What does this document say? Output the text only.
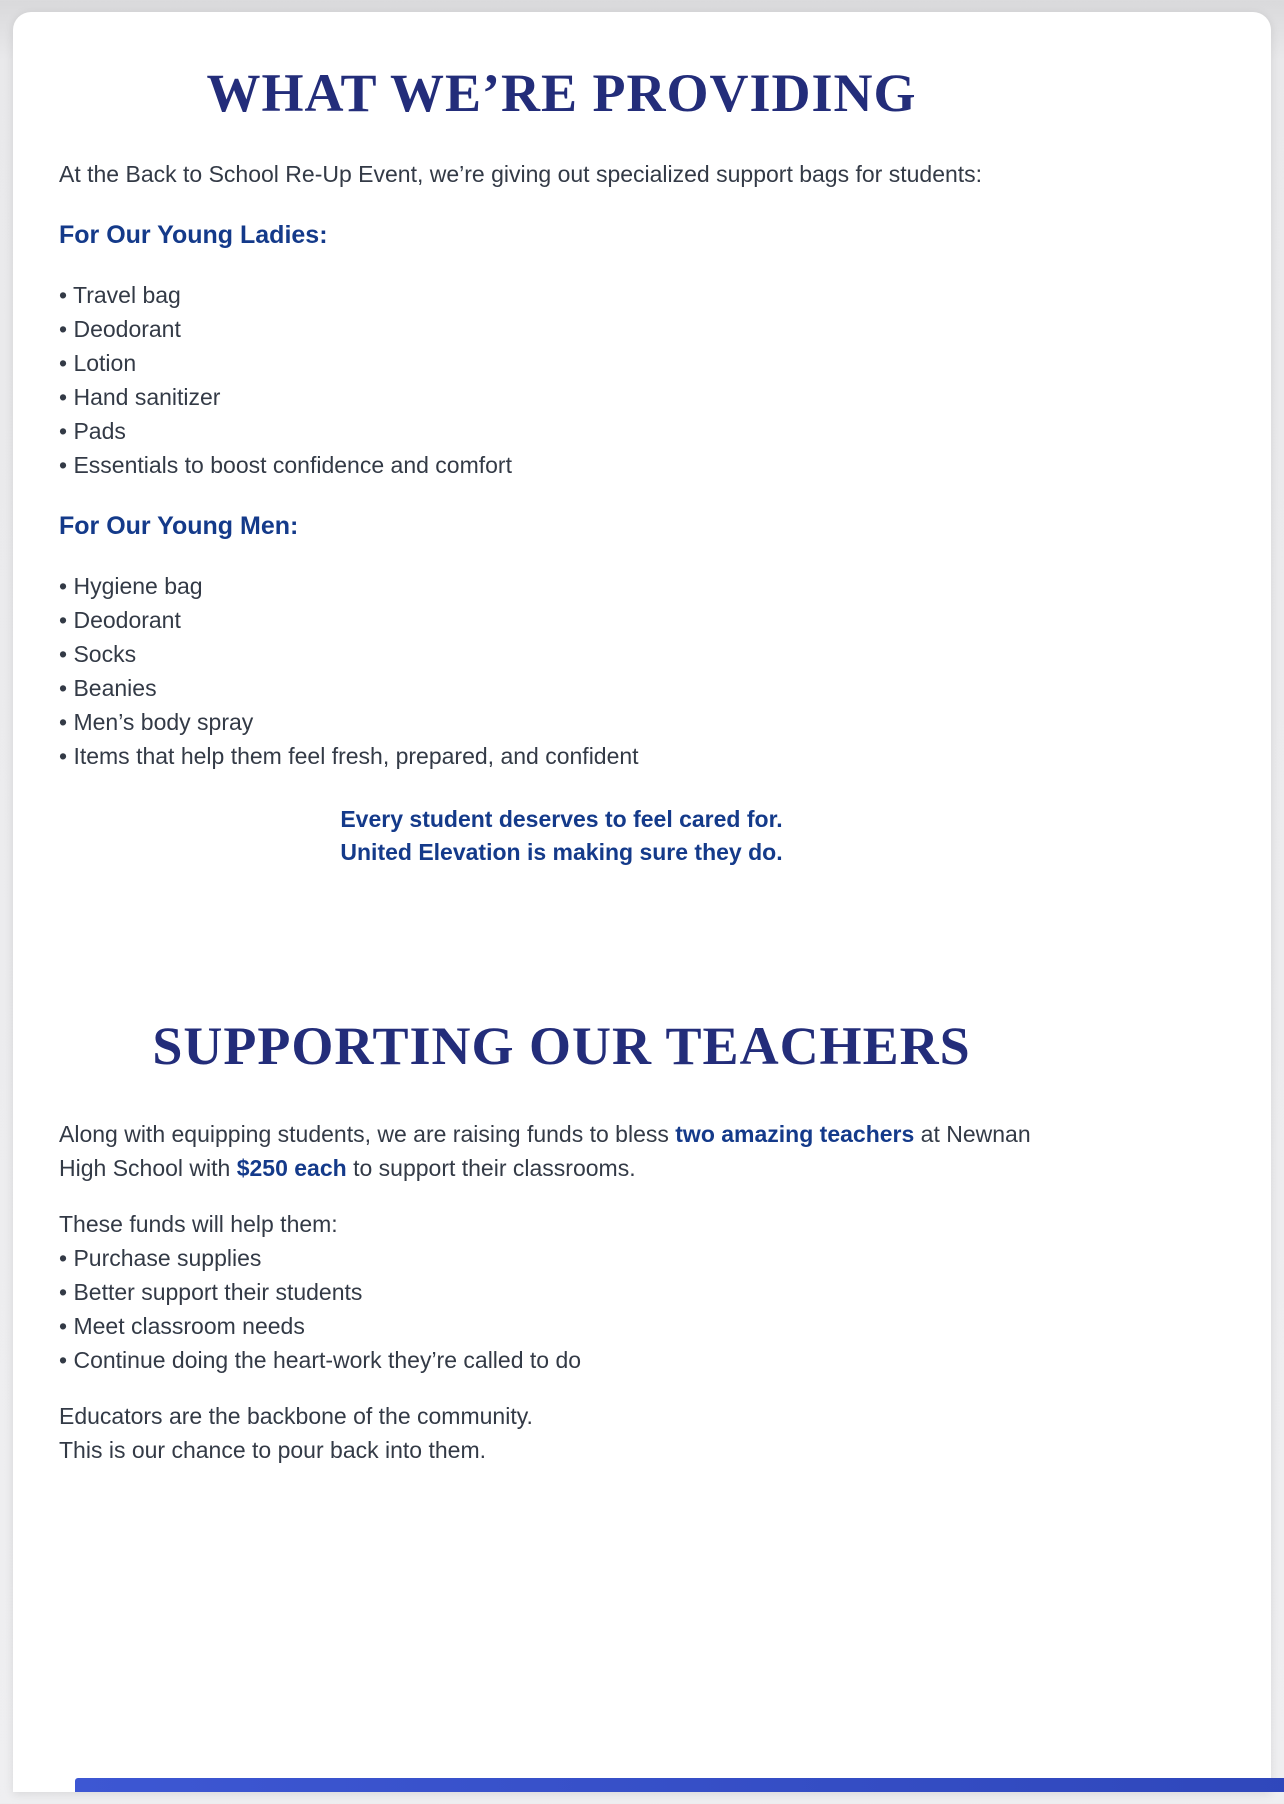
WHAT WE’RE PROVIDING

At the Back to School Re-Up Event, we’re giving out specialized support bags for students:

For Our Young Ladies:
• Travel bag
• Deodorant
• Lotion
• Hand sanitizer
• Pads
• Essentials to boost confidence and comfort
For Our Young Men:
• Hygiene bag
• Deodorant
• Socks
• Beanies
• Men’s body spray
• Items that help them feel fresh, prepared, and confident

Every student deserves to feel cared for.
United Elevation is making sure they do.

SUPPORTING OUR TEACHERS

Along with equipping students, we are raising funds to bless two amazing teachers at Newnan High School with $250 each to support their classrooms.

These funds will help them:

• Purchase supplies
• Better support their students
• Meet classroom needs
• Continue doing the heart-work they’re called to do

Educators are the backbone of the community.
This is our chance to pour back into them.
